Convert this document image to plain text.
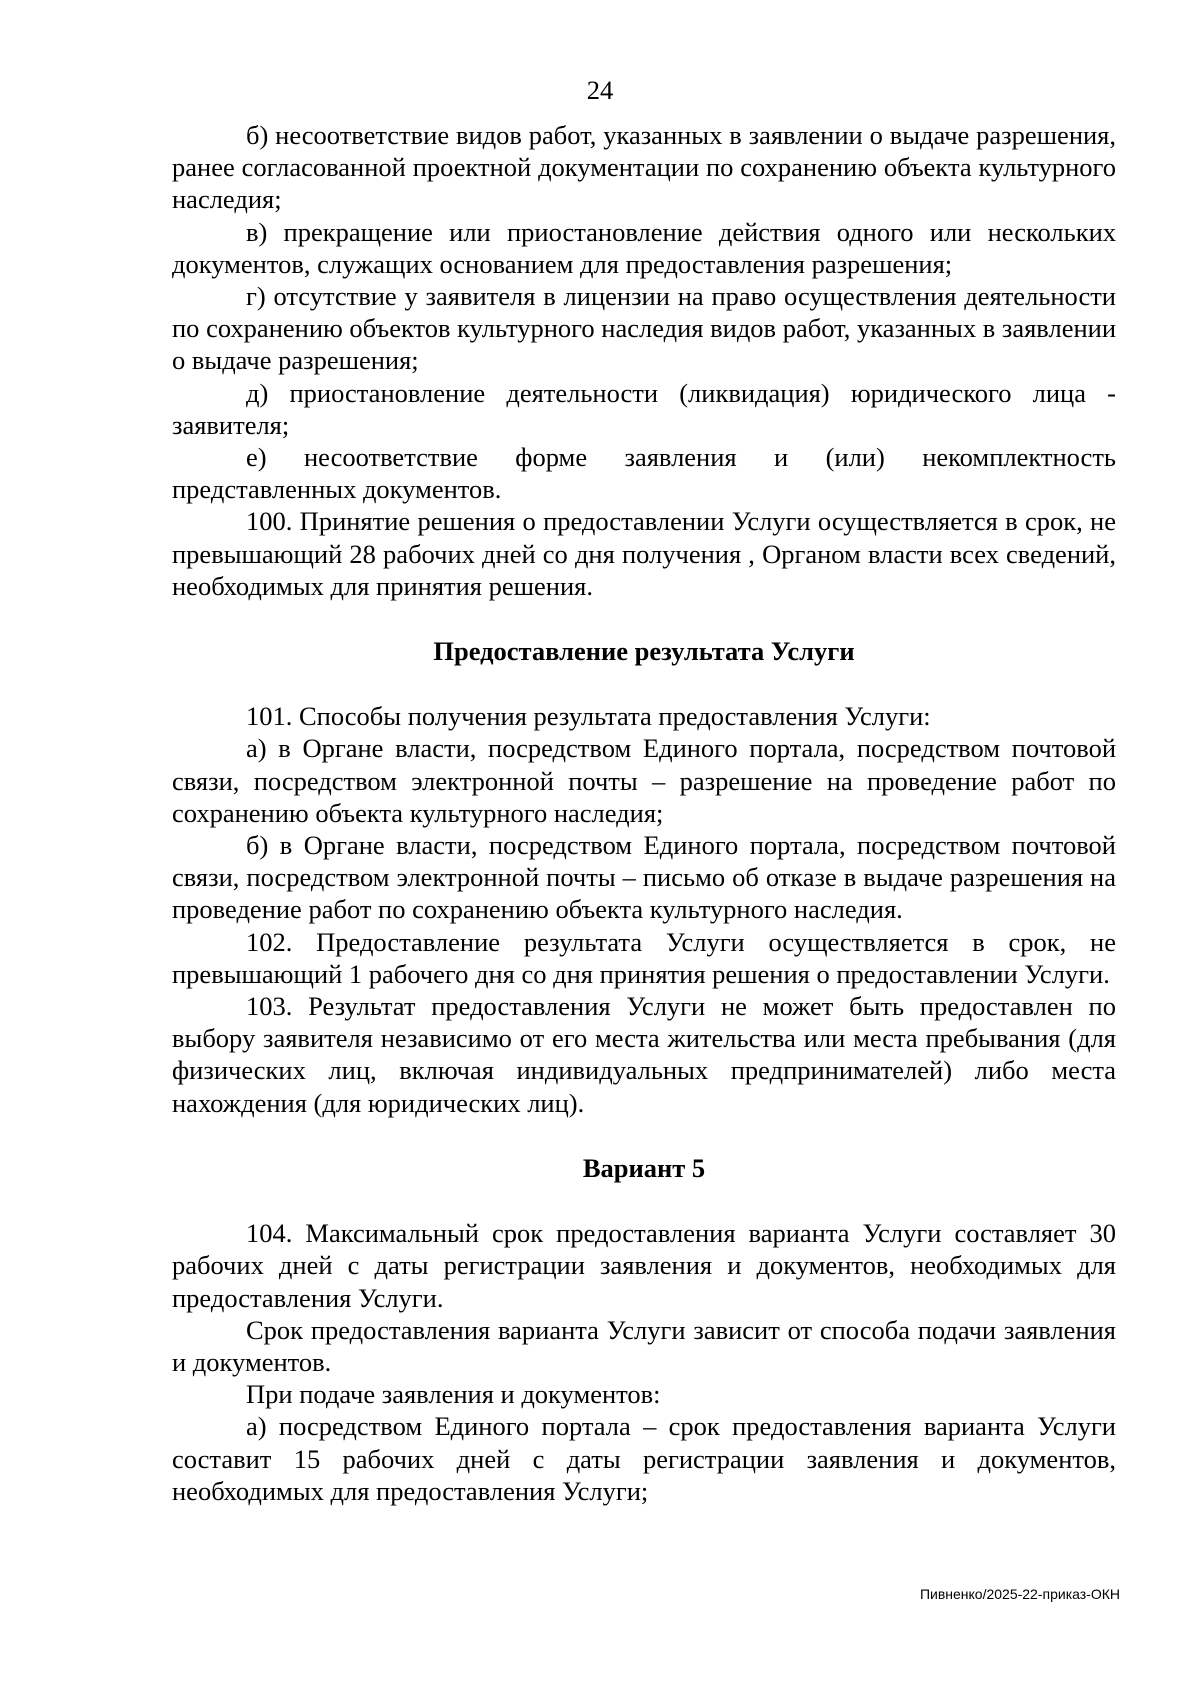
24

б) несоответствие видов работ, указанных в заявлении о выдаче разрешения, ранее согласованной проектной документации по сохранению объекта культурного наследия;

в) прекращение или приостановление действия одного или нескольких документов, служащих основанием для предоставления разрешения;

г) отсутствие у заявителя в лицензии на право осуществления деятельности по сохранению объектов культурного наследия видов работ, указанных в заявлении о выдаче разрешения;

д) приостановление деятельности (ликвидация) юридического лица - заявителя;

е) несоответствие форме заявления и (или) некомплектность представленных документов.

100. Принятие решения о предоставлении Услуги осуществляется в срок, не превышающий 28 рабочих дней со дня получения , Органом власти всех сведений, необходимых для принятия решения.

Предоставление результата Услуги

101. Способы получения результата предоставления Услуги:

а) в Органе власти, посредством Единого портала, посредством почтовой связи, посредством электронной почты – разрешение на проведение работ по сохранению объекта культурного наследия;

б) в Органе власти, посредством Единого портала, посредством почтовой связи, посредством электронной почты – письмо об отказе в выдаче разрешения на проведение работ по сохранению объекта культурного наследия.

102. Предоставление результата Услуги осуществляется в срок, не превышающий 1 рабочего дня со дня принятия решения о предоставлении Услуги.

103. Результат предоставления Услуги не может быть предоставлен по выбору заявителя независимо от его места жительства или места пребывания (для физических лиц, включая индивидуальных предпринимателей) либо места нахождения (для юридических лиц).

Вариант 5

104. Максимальный срок предоставления варианта Услуги составляет 30 рабочих дней с даты регистрации заявления и документов, необходимых для предоставления Услуги.

Срок предоставления варианта Услуги зависит от способа подачи заявления и документов.

При подаче заявления и документов:

а) посредством Единого портала – срок предоставления варианта Услуги составит 15 рабочих дней с даты регистрации заявления и документов, необходимых для предоставления Услуги;

Пивненко/2025-22-приказ-ОКН
